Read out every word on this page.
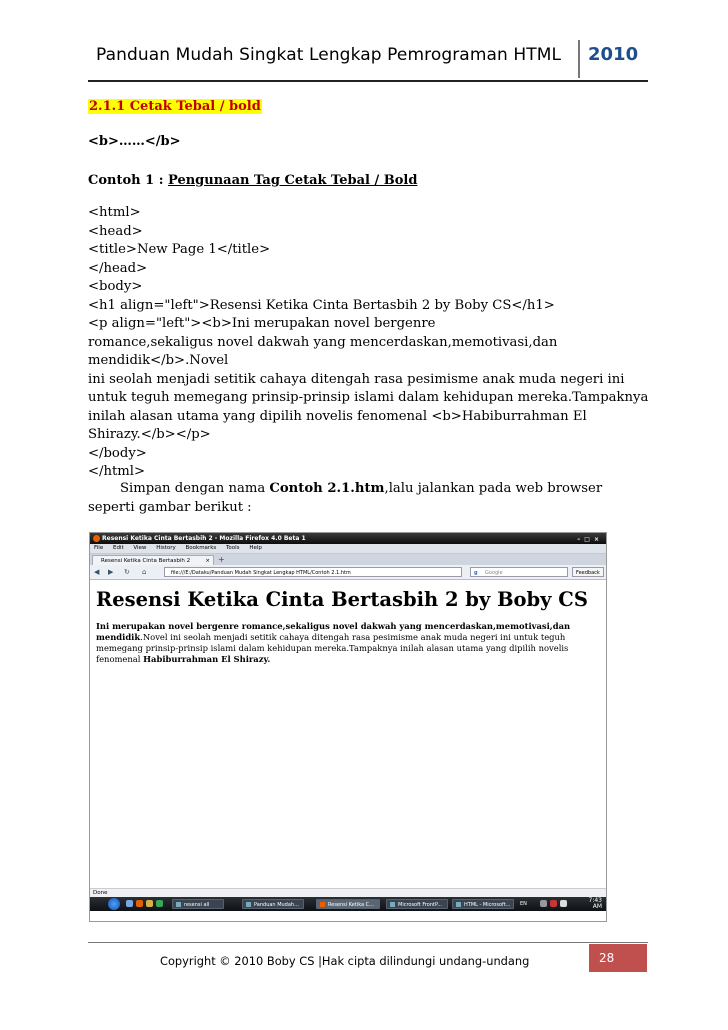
Panduan Mudah Singkat Lengkap Pemrograman HTML 2010
2.1.1 Cetak Tebal / bold
<b>……</b>
Contoh 1 : Pengunaan Tag Cetak Tebal / Bold
<html>
<head>
<title>New Page 1</title>
</head>
<body>
<h1 align="left">Resensi Ketika Cinta Bertasbih 2 by Boby CS</h1>
<p align="left"><b>Ini merupakan novel bergenre
romance,sekaligus novel dakwah yang mencerdaskan,memotivasi,dan
mendidik</b>.Novel
ini seolah menjadi setitik cahaya ditengah rasa pesimisme anak muda negeri ini
untuk teguh memegang prinsip-prinsip islami dalam kehidupan mereka.Tampaknya
inilah alasan utama yang dipilih novelis fenomenal <b>Habiburrahman El
Shirazy.</b></p>
</body>
</html>
Simpan dengan nama Contoh 2.1.htm,lalu jalankan pada web browser seperti gambar berikut :
Resensi Ketika Cinta Bertasbih 2 - Mozilla Firefox 4.0 Beta 1	–□×
File Edit View History Bookmarks Tools Help
Resensi Ketika Cinta Bertasbih 2	× +
◀ ▶ ↻ ⌂	file:///E:/Dataku/Panduan Mudah Singkat Lengkap HTML/Contoh 2.1.htm	g Google	Feedback
Resensi Ketika Cinta Bertasbih 2 by Boby CS
Ini merupakan novel bergenre romance,sekaligus novel dakwah yang mencerdaskan,memotivasi,dan mendidik.Novel ini seolah menjadi setitik cahaya ditengah rasa pesimisme anak muda negeri ini untuk teguh memegang prinsip-prinsip islami dalam kehidupan mereka.Tampaknya inilah alasan utama yang dipilih novelis fenomenal Habiburrahman El Shirazy.
Done
resensi all	Panduan Mudah...	Resensi Ketika C...	Microsoft FrontP...	HTML - Microsoft...	EN	7:43
AM
Copyright © 2010 Boby CS |Hak cipta dilindungi undang-undang	28
